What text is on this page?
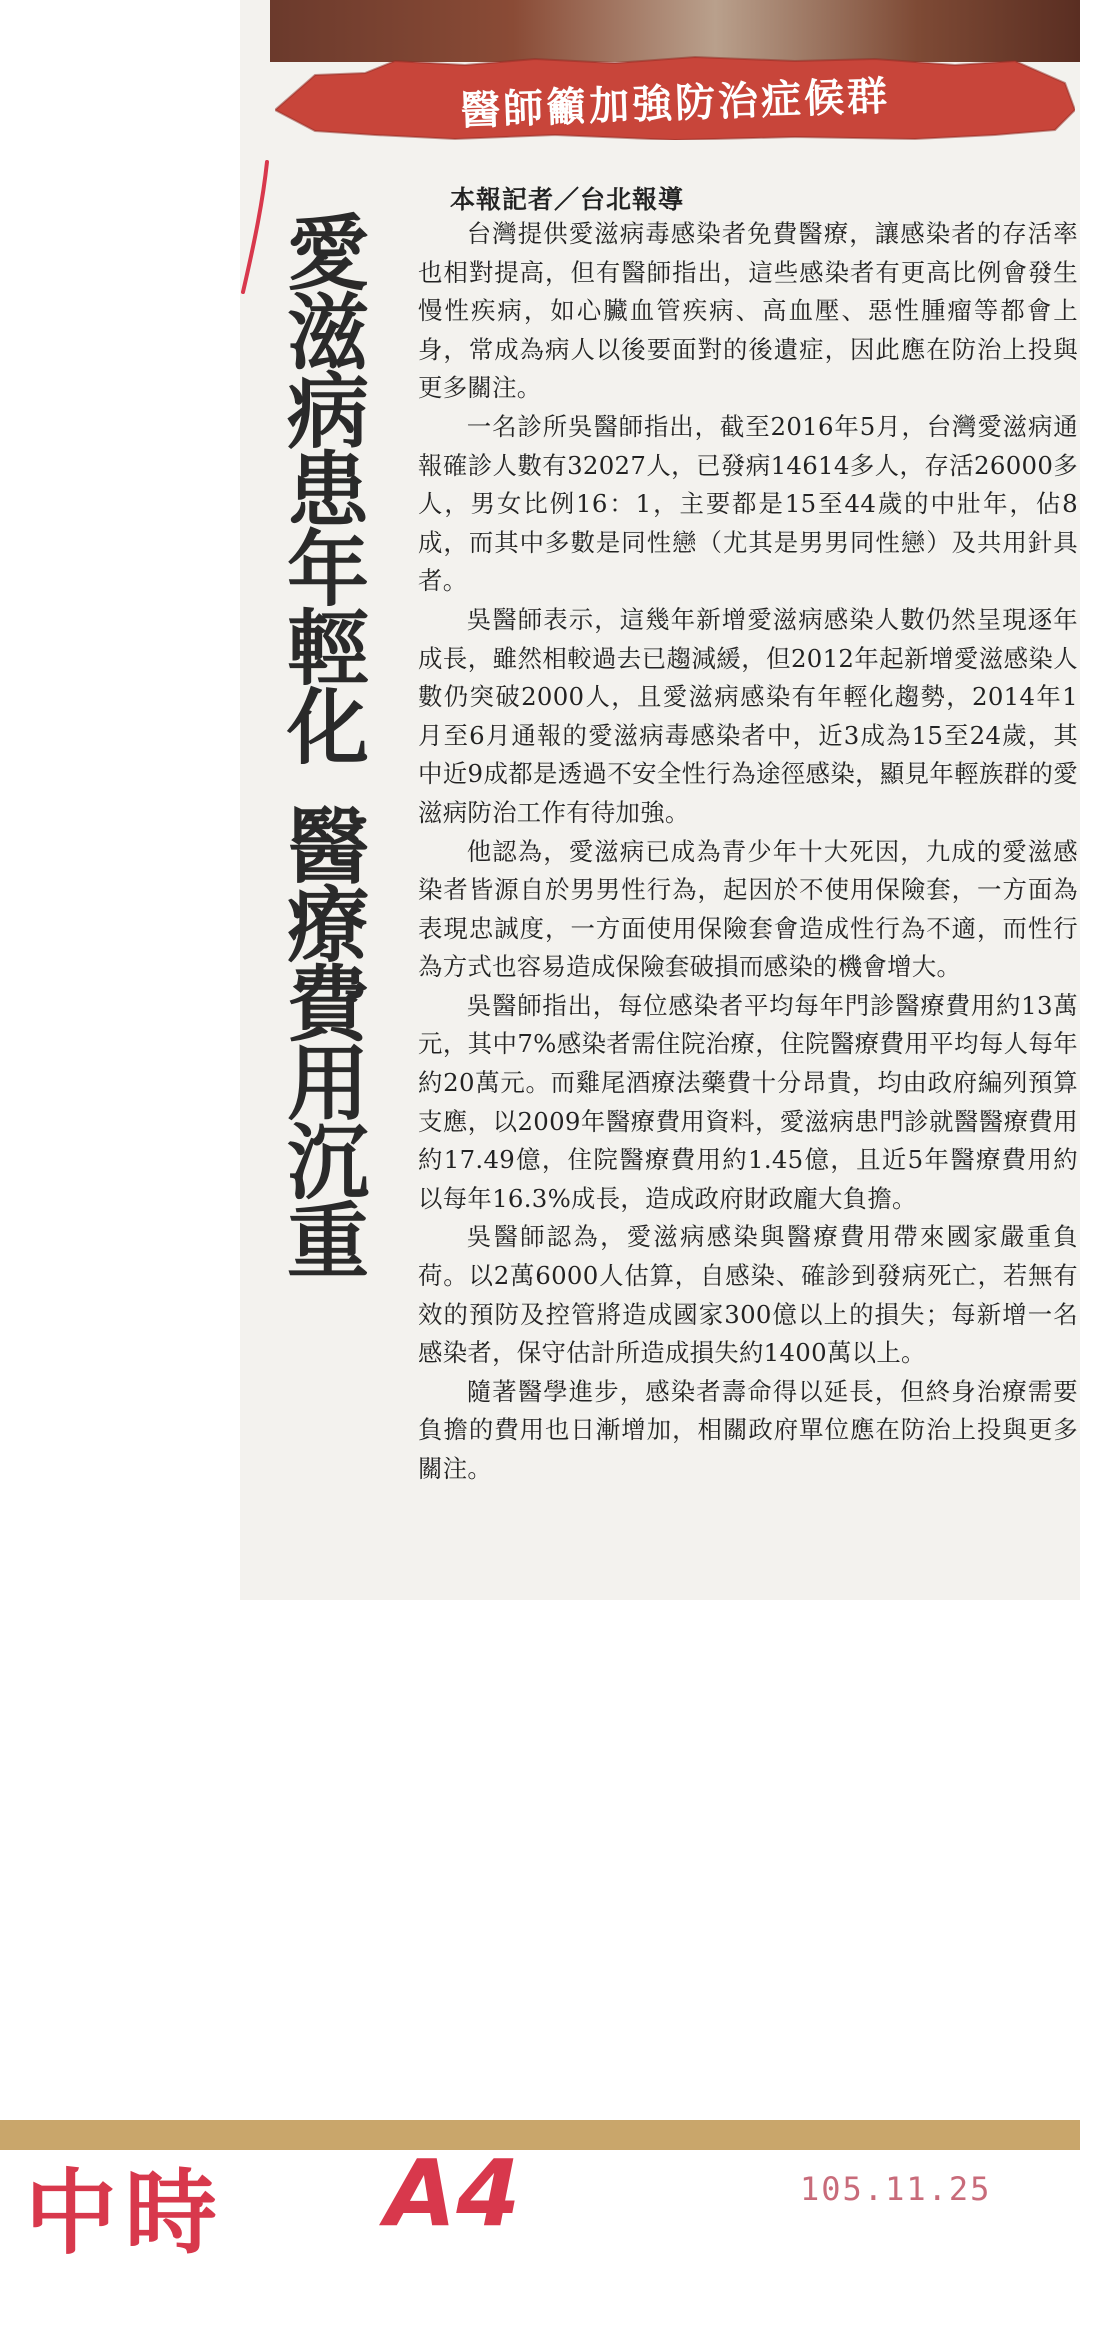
醫師籲加強防治症候群
愛滋病患年輕化
醫療費用沉重
本報記者／台北報導

台灣提供愛滋病毒感染者免費醫療，讓感染者的存活率也相對提高，但有醫師指出，這些感染者有更高比例會發生慢性疾病，如心臟血管疾病、高血壓、惡性腫瘤等都會上身，常成為病人以後要面對的後遺症，因此應在防治上投與更多關注。

一名診所吳醫師指出，截至2016年5月，台灣愛滋病通報確診人數有32027人，已發病14614多人，存活26000多人，男女比例16：1，主要都是15至44歲的中壯年，佔8成，而其中多數是同性戀（尤其是男男同性戀）及共用針具者。

吳醫師表示，這幾年新增愛滋病感染人數仍然呈現逐年成長，雖然相較過去已趨減緩，但2012年起新增愛滋感染人數仍突破2000人，且愛滋病感染有年輕化趨勢，2014年1月至6月通報的愛滋病毒感染者中，近3成為15至24歲，其中近9成都是透過不安全性行為途徑感染，顯見年輕族群的愛滋病防治工作有待加強。

他認為，愛滋病已成為青少年十大死因，九成的愛滋感染者皆源自於男男性行為，起因於不使用保險套，一方面為表現忠誠度，一方面使用保險套會造成性行為不適，而性行為方式也容易造成保險套破損而感染的機會增大。

吳醫師指出，每位感染者平均每年門診醫療費用約13萬元，其中7%感染者需住院治療，住院醫療費用平均每人每年約20萬元。而雞尾酒療法藥費十分昂貴，均由政府編列預算支應，以2009年醫療費用資料，愛滋病患門診就醫醫療費用約17.49億，住院醫療費用約1.45億，且近5年醫療費用約以每年16.3%成長，造成政府財政龐大負擔。

吳醫師認為，愛滋病感染與醫療費用帶來國家嚴重負荷。以2萬6000人估算，自感染、確診到發病死亡，若無有效的預防及控管將造成國家300億以上的損失；每新增一名感染者，保守估計所造成損失約1400萬以上。

隨著醫學進步，感染者壽命得以延長，但終身治療需要負擔的費用也日漸增加，相關政府單位應在防治上投與更多關注。

中時 A4	105.11.25
